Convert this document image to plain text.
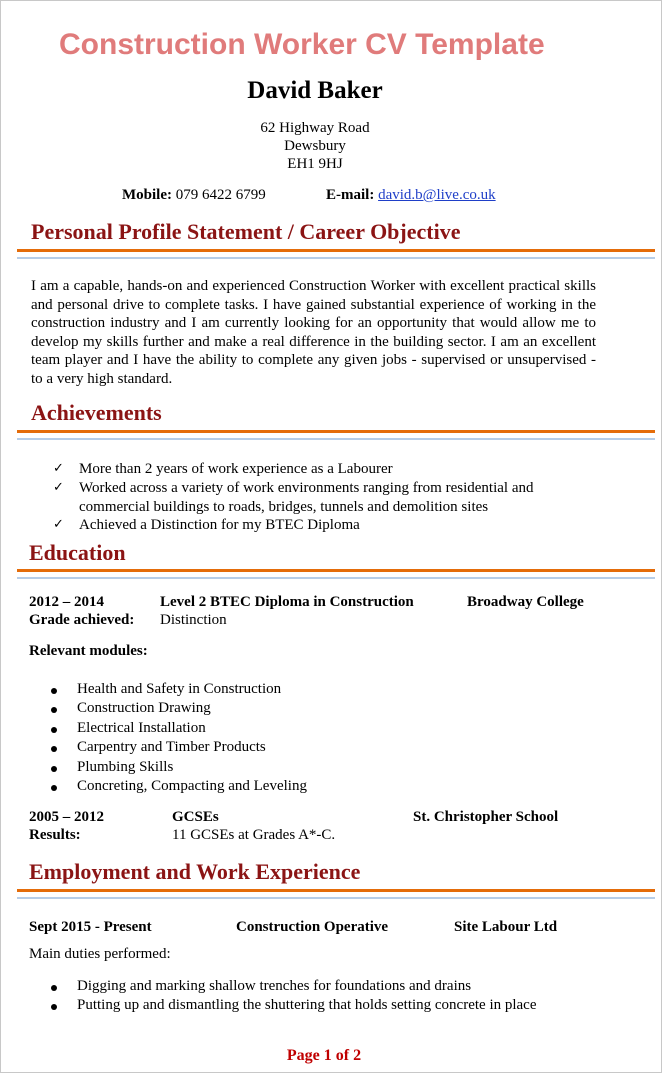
Construction Worker CV Template
David Baker
62 Highway Road
Dewsbury
EH1 9HJ
Mobile: 079 6422 6799	E-mail: david.b@live.co.uk
Personal Profile Statement / Career Objective
I am a capable, hands-on and experienced Construction Worker with excellent practical skills and personal drive to complete tasks. I have gained substantial experience of working in the construction industry and I am currently looking for an opportunity that would allow me to develop my skills further and make a real difference in the building sector. I am an excellent team player and I have the ability to complete any given jobs - supervised or unsupervised - to a very high standard.
Achievements
✓ More than 2 years of work experience as a Labourer
✓ Worked across a variety of work environments ranging from residential and commercial buildings to roads, bridges, tunnels and demolition sites
✓ Achieved a Distinction for my BTEC Diploma
Education
2012 – 2014	Level 2 BTEC Diploma in Construction	Broadway College
Grade achieved: Distinction
Relevant modules:
Health and Safety in Construction
Construction Drawing
Electrical Installation
Carpentry and Timber Products
Plumbing Skills
Concreting, Compacting and Leveling
2005 – 2012	GCSEs	St. Christopher School
Results:	11 GCSEs at Grades A*-C.
Employment and Work Experience
Sept 2015 - Present	Construction Operative	Site Labour Ltd
Main duties performed:
Digging and marking shallow trenches for foundations and drains
Putting up and dismantling the shuttering that holds setting concrete in place
Page 1 of 2
